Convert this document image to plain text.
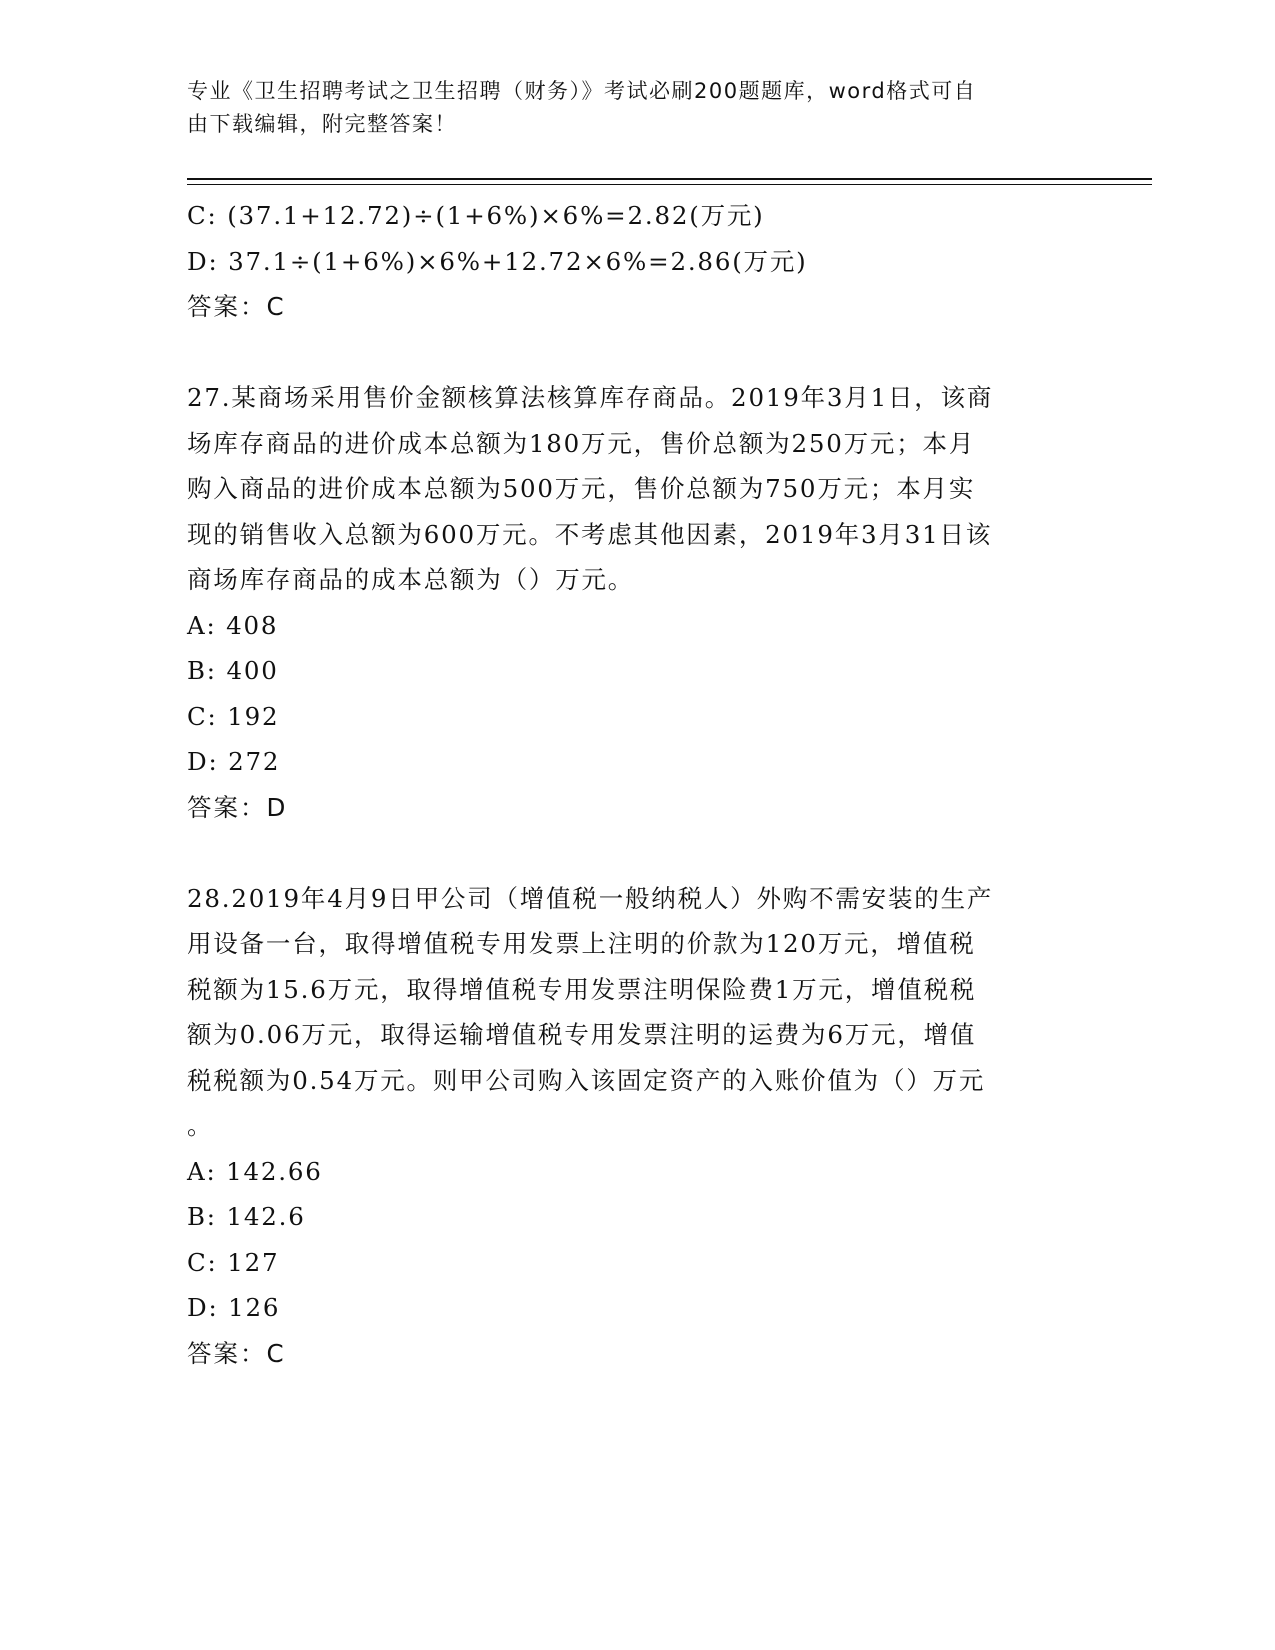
专业《卫生招聘考试之卫生招聘（财务）》考试必刷200题题库，word格式可自
由下载编辑，附完整答案！
C: (37.1+12.72)÷(1+6%)×6%=2.82(万元)
D: 37.1÷(1+6%)×6%+12.72×6%=2.86(万元)
答案：C
27.某商场采用售价金额核算法核算库存商品。2019年3月1日，该商
场库存商品的进价成本总额为180万元，售价总额为250万元；本月
购入商品的进价成本总额为500万元，售价总额为750万元；本月实
现的销售收入总额为600万元。不考虑其他因素，2019年3月31日该
商场库存商品的成本总额为（）万元。
A: 408
B: 400
C: 192
D: 272
答案：D
28.2019年4月9日甲公司（增值税一般纳税人）外购不需安装的生产
用设备一台，取得增值税专用发票上注明的价款为120万元，增值税
税额为15.6万元，取得增值税专用发票注明保险费1万元，增值税税
额为0.06万元，取得运输增值税专用发票注明的运费为6万元，增值
税税额为0.54万元。则甲公司购入该固定资产的入账价值为（）万元
。
A: 142.66
B: 142.6
C: 127
D: 126
答案：C
